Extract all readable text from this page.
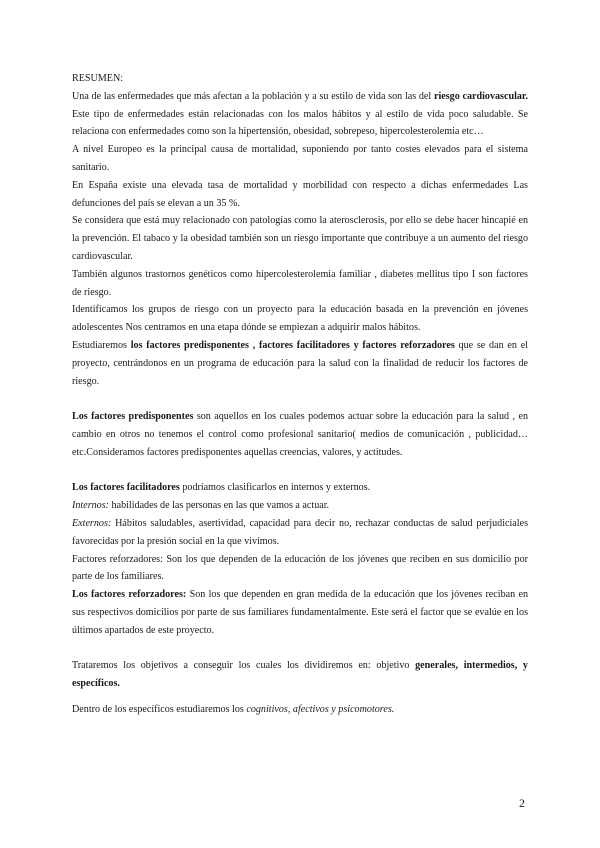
RESUMEN:

Una de las enfermedades que más afectan a la población y a su estilo de vida son las del riesgo cardiovascular. Este tipo de enfermedades están relacionadas con los malos hábitos y al estilo de vida poco saludable. Se relaciona con enfermedades como son la hipertensión, obesidad, sobrepeso, hipercolesterolemia etc…

A nivel Europeo es la principal causa de mortalidad, suponiendo por tanto costes elevados para el sistema sanitario.

En España existe una elevada tasa de mortalidad y morbilidad con respecto a dichas enfermedades Las defunciones del país se elevan a un 35 %.

Se considera que está muy relacionado con patologías como la aterosclerosis, por ello se debe hacer hincapié en la prevención. El tabaco y la obesidad también son un riesgo importante que contribuye a un aumento del riesgo cardiovascular.

También algunos trastornos genéticos como hipercolesterolemia familiar , diabetes mellitus tipo I son factores de riesgo.

Identificamos los grupos de riesgo con un proyecto para la educación basada en la prevención en jóvenes adolescentes Nos centramos en una etapa dónde se empiezan a adquirir malos hábitos.

Estudiaremos los factores predisponentes , factores facilitadores y factores reforzadores que se dan en el proyecto, centrándonos en un programa de educación para la salud con la finalidad de reducir los factores de riesgo.

Los factores predisponentes son aquellos en los cuales podemos actuar sobre la educación para la salud , en cambio en otros no tenemos el control como profesional sanitario( medios de comunicación , publicidad… etc.Consideramos factores predisponentes aquellas creencias, valores, y actitudes.

Los factores facilitadores podríamos clasificarlos en internos y externos.

Internos: habilidades de las personas en las que vamos a actuar.

Externos: Hábitos saludables, asertividad, capacidad para decir no, rechazar conductas de salud perjudiciales favorecidas por la presión social en la que vivimos.

Factores reforzadores: Son los que dependen de la educación de los jóvenes que reciben en sus domicilio por parte de los familiares.

Los factores reforzadores: Son los que dependen en gran medida de la educación que los jóvenes reciban en sus respectivos domicilios por parte de sus familiares fundamentalmente. Este será el factor que se evalúe en los últimos apartados de este proyecto.

Trataremos los objetivos a conseguir los cuales los dividiremos en: objetivo generales, intermedios, y específicos.

Dentro de los específicos estudiaremos los cognitivos, afectivos y psicomotores.

2
